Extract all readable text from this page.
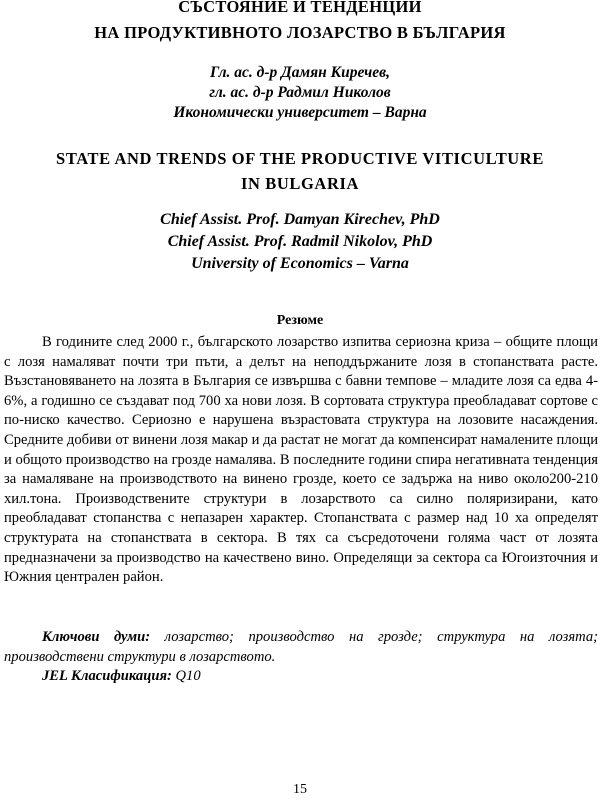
СЪСТОЯНИЕ И ТЕНДЕНЦИИ
НА ПРОДУКТИВНОТО ЛОЗАРСТВО В БЪЛГАРИЯ
Гл. ас. д-р Дамян Киречев,
гл. ас. д-р Радмил Николов
Икономически университет – Варна
STATE AND TRENDS OF THE PRODUCTIVE VITICULTURE
IN BULGARIA
Chief Assist. Prof. Damyan Kirechev, PhD
Chief Assist. Prof. Radmil Nikolov, PhD
University of Economics – Varna
Резюме

В годините след 2000 г., българското лозарство изпитва сериозна криза – общите площи с лозя намаляват почти три пъти, а делът на неподдържаните лозя в стопанствата расте. Възстановяването на лозята в България се извършва с бавни темпове – младите лозя са едва 4-6%, а годишно се създават под 700 ха нови лозя. В сортовата структура преобладават сортове с по-ниско качество. Сериозно е нарушена възрастовата структура на лозовите насаждения. Средните добиви от винени лозя макар и да растат не могат да компенсират намалените площи и общото производство на грозде намалява. В последните години спира негативната тенденция за намаляване на производството на винено грозде, което се задържа на ниво около200-210 хил.тона. Производствените структури в лозарството са силно поляризирани, като преобладават стопанства с непазарен характер. Стопанствата с размер над 10 ха определят структурата на стопанствата в сектора. В тях са съсредоточени голяма част от лозята предназначени за производство на качествено вино. Определящи за сектора са Югоизточния и Южния централен район.

Ключови думи: лозарство; производство на грозде; структура на лозята; производствени структури в лозарството.

JEL Класификация: Q10

15
